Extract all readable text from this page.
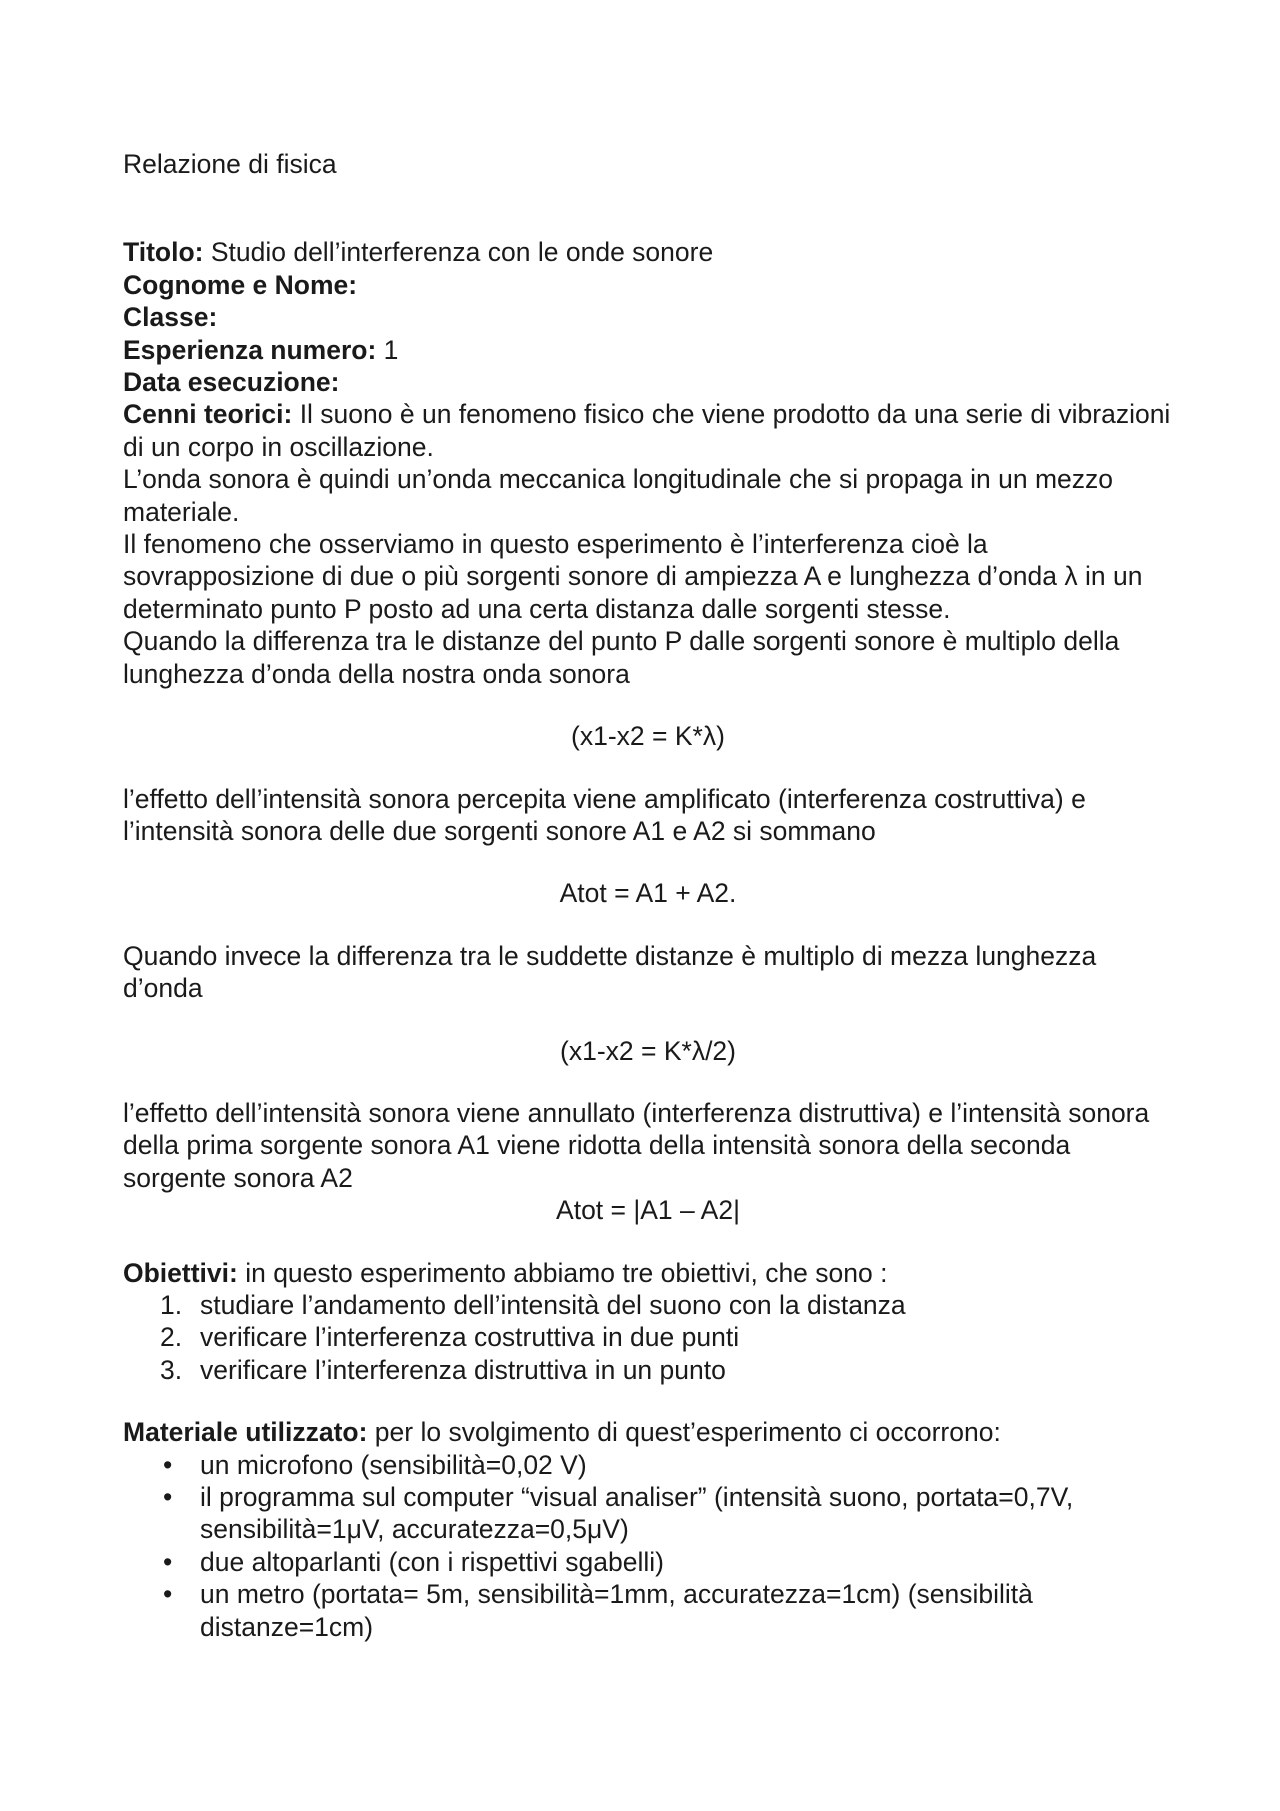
Relazione di fisica
Titolo: Studio dell’interferenza con le onde sonore
Cognome e Nome:
Classe:
Esperienza numero: 1
Data esecuzione:
Cenni teorici: Il suono è un fenomeno fisico che viene prodotto da una serie di vibrazioni di un corpo in oscillazione.
L’onda sonora è quindi un’onda meccanica longitudinale che si propaga in un mezzo materiale.
Il fenomeno che osserviamo in questo esperimento è l’interferenza cioè la sovrapposizione di due o più sorgenti sonore di ampiezza A e lunghezza d’onda λ in un determinato punto P posto ad una certa distanza dalle sorgenti stesse.
Quando la differenza tra le distanze del punto P dalle sorgenti sonore è multiplo della lunghezza d’onda della nostra onda sonora
(x1-x2 = K*λ)
l’effetto dell’intensità sonora percepita viene amplificato (interferenza costruttiva) e l’intensità sonora delle due sorgenti sonore A1 e A2 si sommano
Atot = A1 + A2.
Quando invece la differenza tra le suddette distanze è multiplo di mezza lunghezza d’onda
(x1-x2 = K*λ/2)
l’effetto dell’intensità sonora viene annullato (interferenza distruttiva) e l’intensità sonora della prima sorgente sonora A1 viene ridotta della intensità sonora della seconda sorgente sonora A2
Atot = |A1 – A2|
Obiettivi: in questo esperimento abbiamo tre obiettivi, che sono :
1. studiare l’andamento dell’intensità del suono con la distanza
2. verificare l’interferenza costruttiva in due punti
3. verificare l’interferenza distruttiva in un punto
Materiale utilizzato: per lo svolgimento di quest’esperimento ci occorrono:
• un microfono (sensibilità=0,02 V)
• il programma sul computer “visual analiser” (intensità suono, portata=0,7V, sensibilità=1μV, accuratezza=0,5μV)
• due altoparlanti (con i rispettivi sgabelli)
• un metro (portata= 5m, sensibilità=1mm, accuratezza=1cm) (sensibilità distanze=1cm)
